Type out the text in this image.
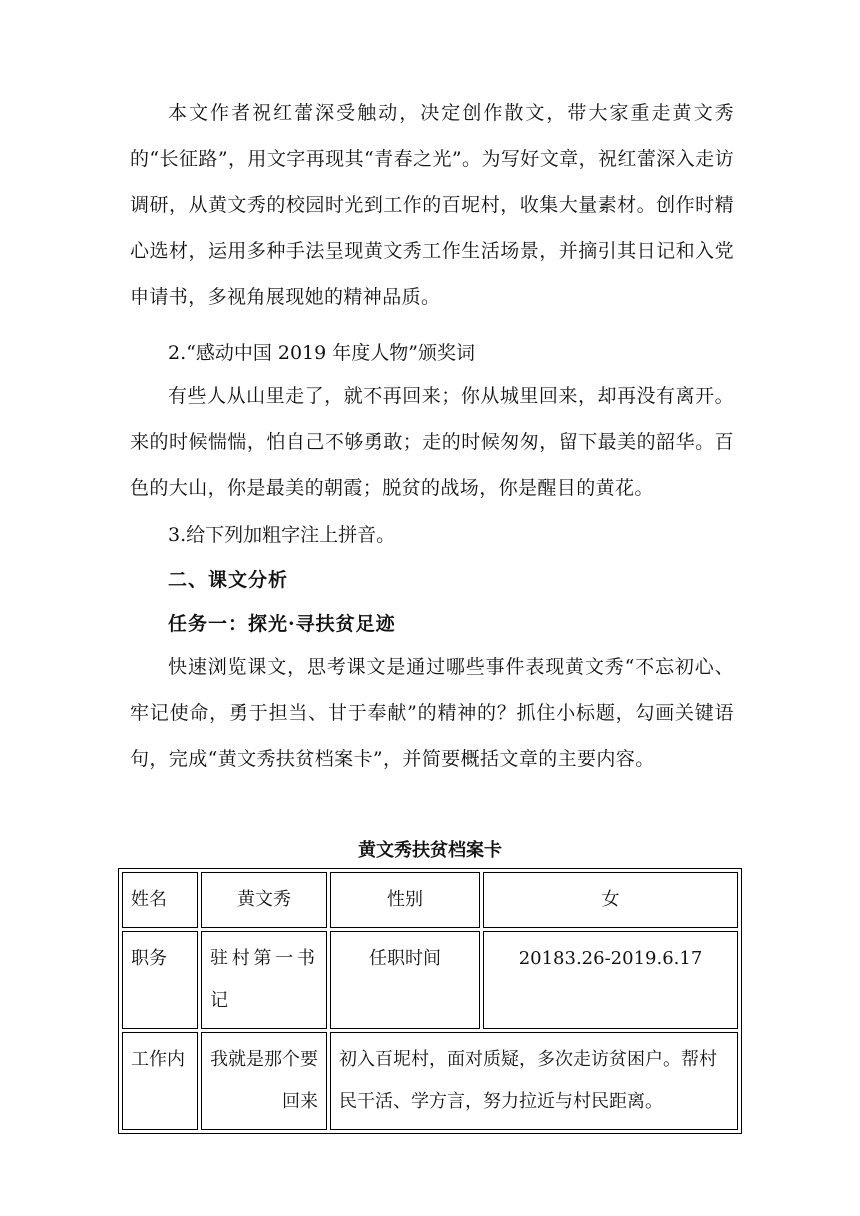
本文作者祝红蕾深受触动，决定创作散文，带大家重走黄文秀的“长征路”，用文字再现其“青春之光”。为写好文章，祝红蕾深入走访调研，从黄文秀的校园时光到工作的百坭村，收集大量素材。创作时精心选材，运用多种手法呈现黄文秀工作生活场景，并摘引其日记和入党申请书，多视角展现她的精神品质。

2.“感动中国 2019 年度人物”颁奖词

有些人从山里走了，就不再回来；你从城里回来，却再没有离开。来的时候惴惴，怕自己不够勇敢；走的时候匆匆，留下最美的韶华。百色的大山，你是最美的朝霞；脱贫的战场，你是醒目的黄花。

3.给下列加粗字注上拼音。

二、课文分析

任务一：探光·寻扶贫足迹

快速浏览课文，思考课文是通过哪些事件表现黄文秀“不忘初心、牢记使命，勇于担当、甘于奉献”的精神的？抓住小标题，勾画关键语句，完成“黄文秀扶贫档案卡”，并简要概括文章的主要内容。

黄文秀扶贫档案卡

姓名	黄文秀	性别	女
职务	驻村第一书记	任职时间	20183.26-2019.6.17
工作内	我就是那个要回来	初入百坭村，面对质疑，多次走访贫困户。帮村民干活、学方言，努力拉近与村民距离。	
